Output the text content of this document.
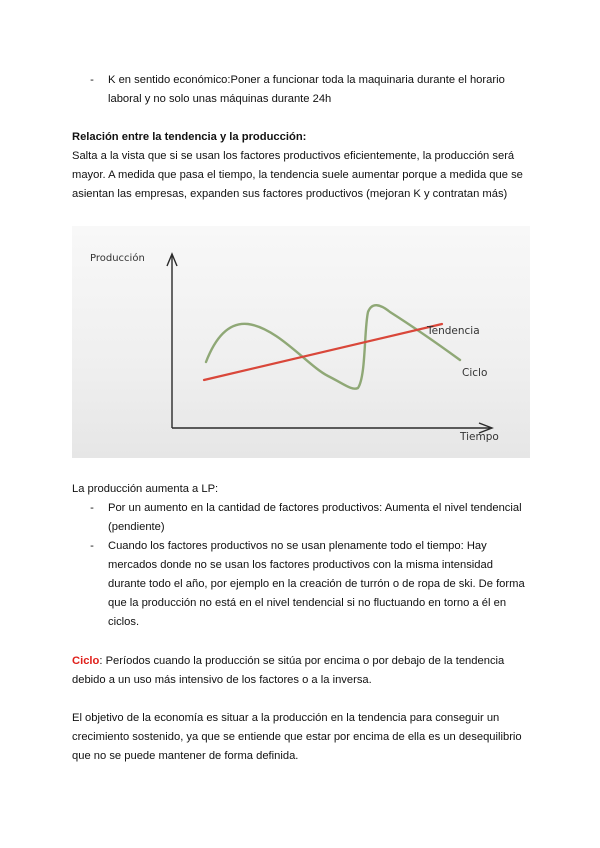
- K en sentido económico:Poner a funcionar toda la maquinaria durante el horario
laboral y no solo unas máquinas durante 24h
Relación entre la tendencia y la producción:
Salta a la vista que si se usan los factores productivos eficientemente, la producción será
mayor. A medida que pasa el tiempo, la tendencia suele aumentar porque a medida que se
asientan las empresas, expanden sus factores productivos (mejoran K y contratan más)
Producción
Tiempo
Tendencia
Ciclo
La producción aumenta a LP:
- Por un aumento en la cantidad de factores productivos: Aumenta el nivel tendencial
(pendiente)
- Cuando los factores productivos no se usan plenamente todo el tiempo: Hay
mercados donde no se usan los factores productivos con la misma intensidad
durante todo el año, por ejemplo en la creación de turrón o de ropa de ski. De forma
que la producción no está en el nivel tendencial si no fluctuando en torno a él en
ciclos.
Ciclo: Períodos cuando la producción se sitúa por encima o por debajo de la tendencia
debido a un uso más intensivo de los factores o a la inversa.
El objetivo de la economía es situar a la producción en la tendencia para conseguir un
crecimiento sostenido, ya que se entiende que estar por encima de ella es un desequilibrio
que no se puede mantener de forma definida.
